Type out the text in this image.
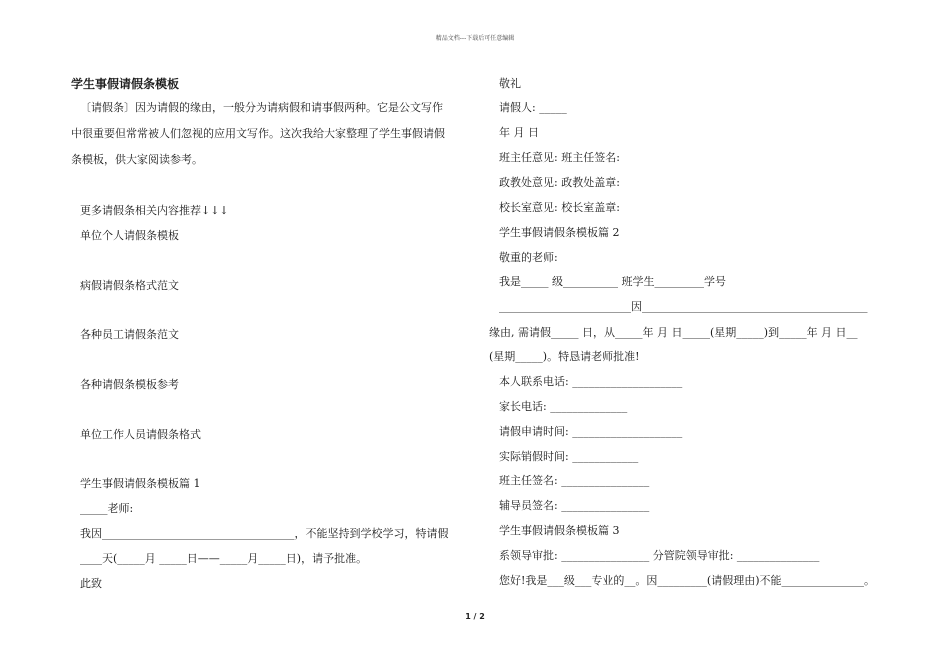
精品文档---下载后可任意编辑
学生事假请假条模板
〔请假条〕因为请假的缘由，一般分为请病假和请事假两种。它是公文写作
中很重要但常常被人们忽视的应用文写作。这次我给大家整理了学生事假请假
条模板，供大家阅读参考。
更多请假条相关内容推荐↓↓↓
单位个人请假条模板
病假请假条格式范文
各种员工请假条范文
各种请假条模板参考
单位工作人员请假条格式
学生事假请假条模板篇 1
_____老师:
我因___________________________________，不能坚持到学校学习，特请假
____天(_____月 _____日——_____月_____日)，请予批准。
此致
敬礼
请假人: _____
年 月 日
班主任意见: 班主任签名:
政教处意见: 政教处盖章:
校长室意见: 校长室盖章:
学生事假请假条模板篇 2
敬重的老师:
我是_____ 级__________ 班学生_________学号
________________________因_________________________________________
缘由, 需请假_____ 日，从_____年 月 日_____(星期_____)到_____年 月 日__
(星期_____)。特恳请老师批准!
本人联系电话: ____________________
家长电话: ______________
请假申请时间: ____________________
实际销假时间: ____________
班主任签名: ________________
辅导员签名: ________________
学生事假请假条模板篇 3
系领导审批: ________________ 分管院领导审批: _______________
您好!我是___级___专业的__。因_________(请假理由)不能_______________。
1 / 2
